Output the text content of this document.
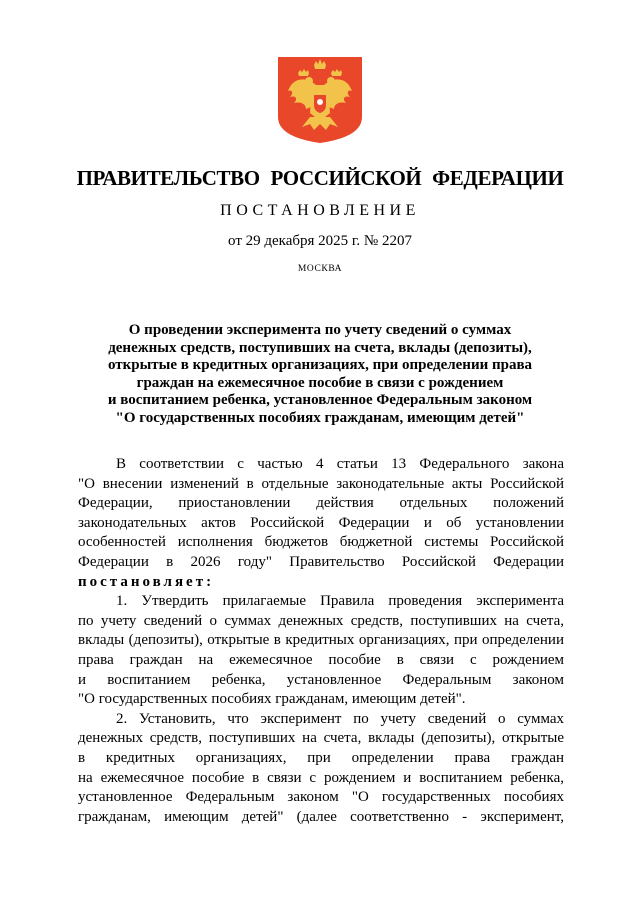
ПРАВИТЕЛЬСТВО РОССИЙСКОЙ ФЕДЕРАЦИИ
ПОСТАНОВЛЕНИЕ
от 29 декабря 2025 г. № 2207
МОСКВА
О проведении эксперимента по учету сведений о суммах
денежных средств, поступивших на счета, вклады (депозиты),
открытые в кредитных организациях, при определении права
граждан на ежемесячное пособие в связи с рождением
и воспитанием ребенка, установленное Федеральным законом
"О государственных пособиях гражданам, имеющим детей"
В соответствии с частью 4 статьи 13 Федерального закона
"О внесении изменений в отдельные законодательные акты Российской
Федерации, приостановлении действия отдельных положений
законодательных актов Российской Федерации и об установлении
особенностей исполнения бюджетов бюджетной системы Российской
Федерации в 2026 году" Правительство Российской Федерации
постановляет:
1. Утвердить прилагаемые Правила проведения эксперимента
по учету сведений о суммах денежных средств, поступивших на счета,
вклады (депозиты), открытые в кредитных организациях, при определении
права граждан на ежемесячное пособие в связи с рождением
и воспитанием ребенка, установленное Федеральным законом
"О государственных пособиях гражданам, имеющим детей".
2. Установить, что эксперимент по учету сведений о суммах
денежных средств, поступивших на счета, вклады (депозиты), открытые
в кредитных организациях, при определении права граждан
на ежемесячное пособие в связи с рождением и воспитанием ребенка,
установленное Федеральным законом "О государственных пособиях
гражданам, имеющим детей" (далее соответственно - эксперимент,
